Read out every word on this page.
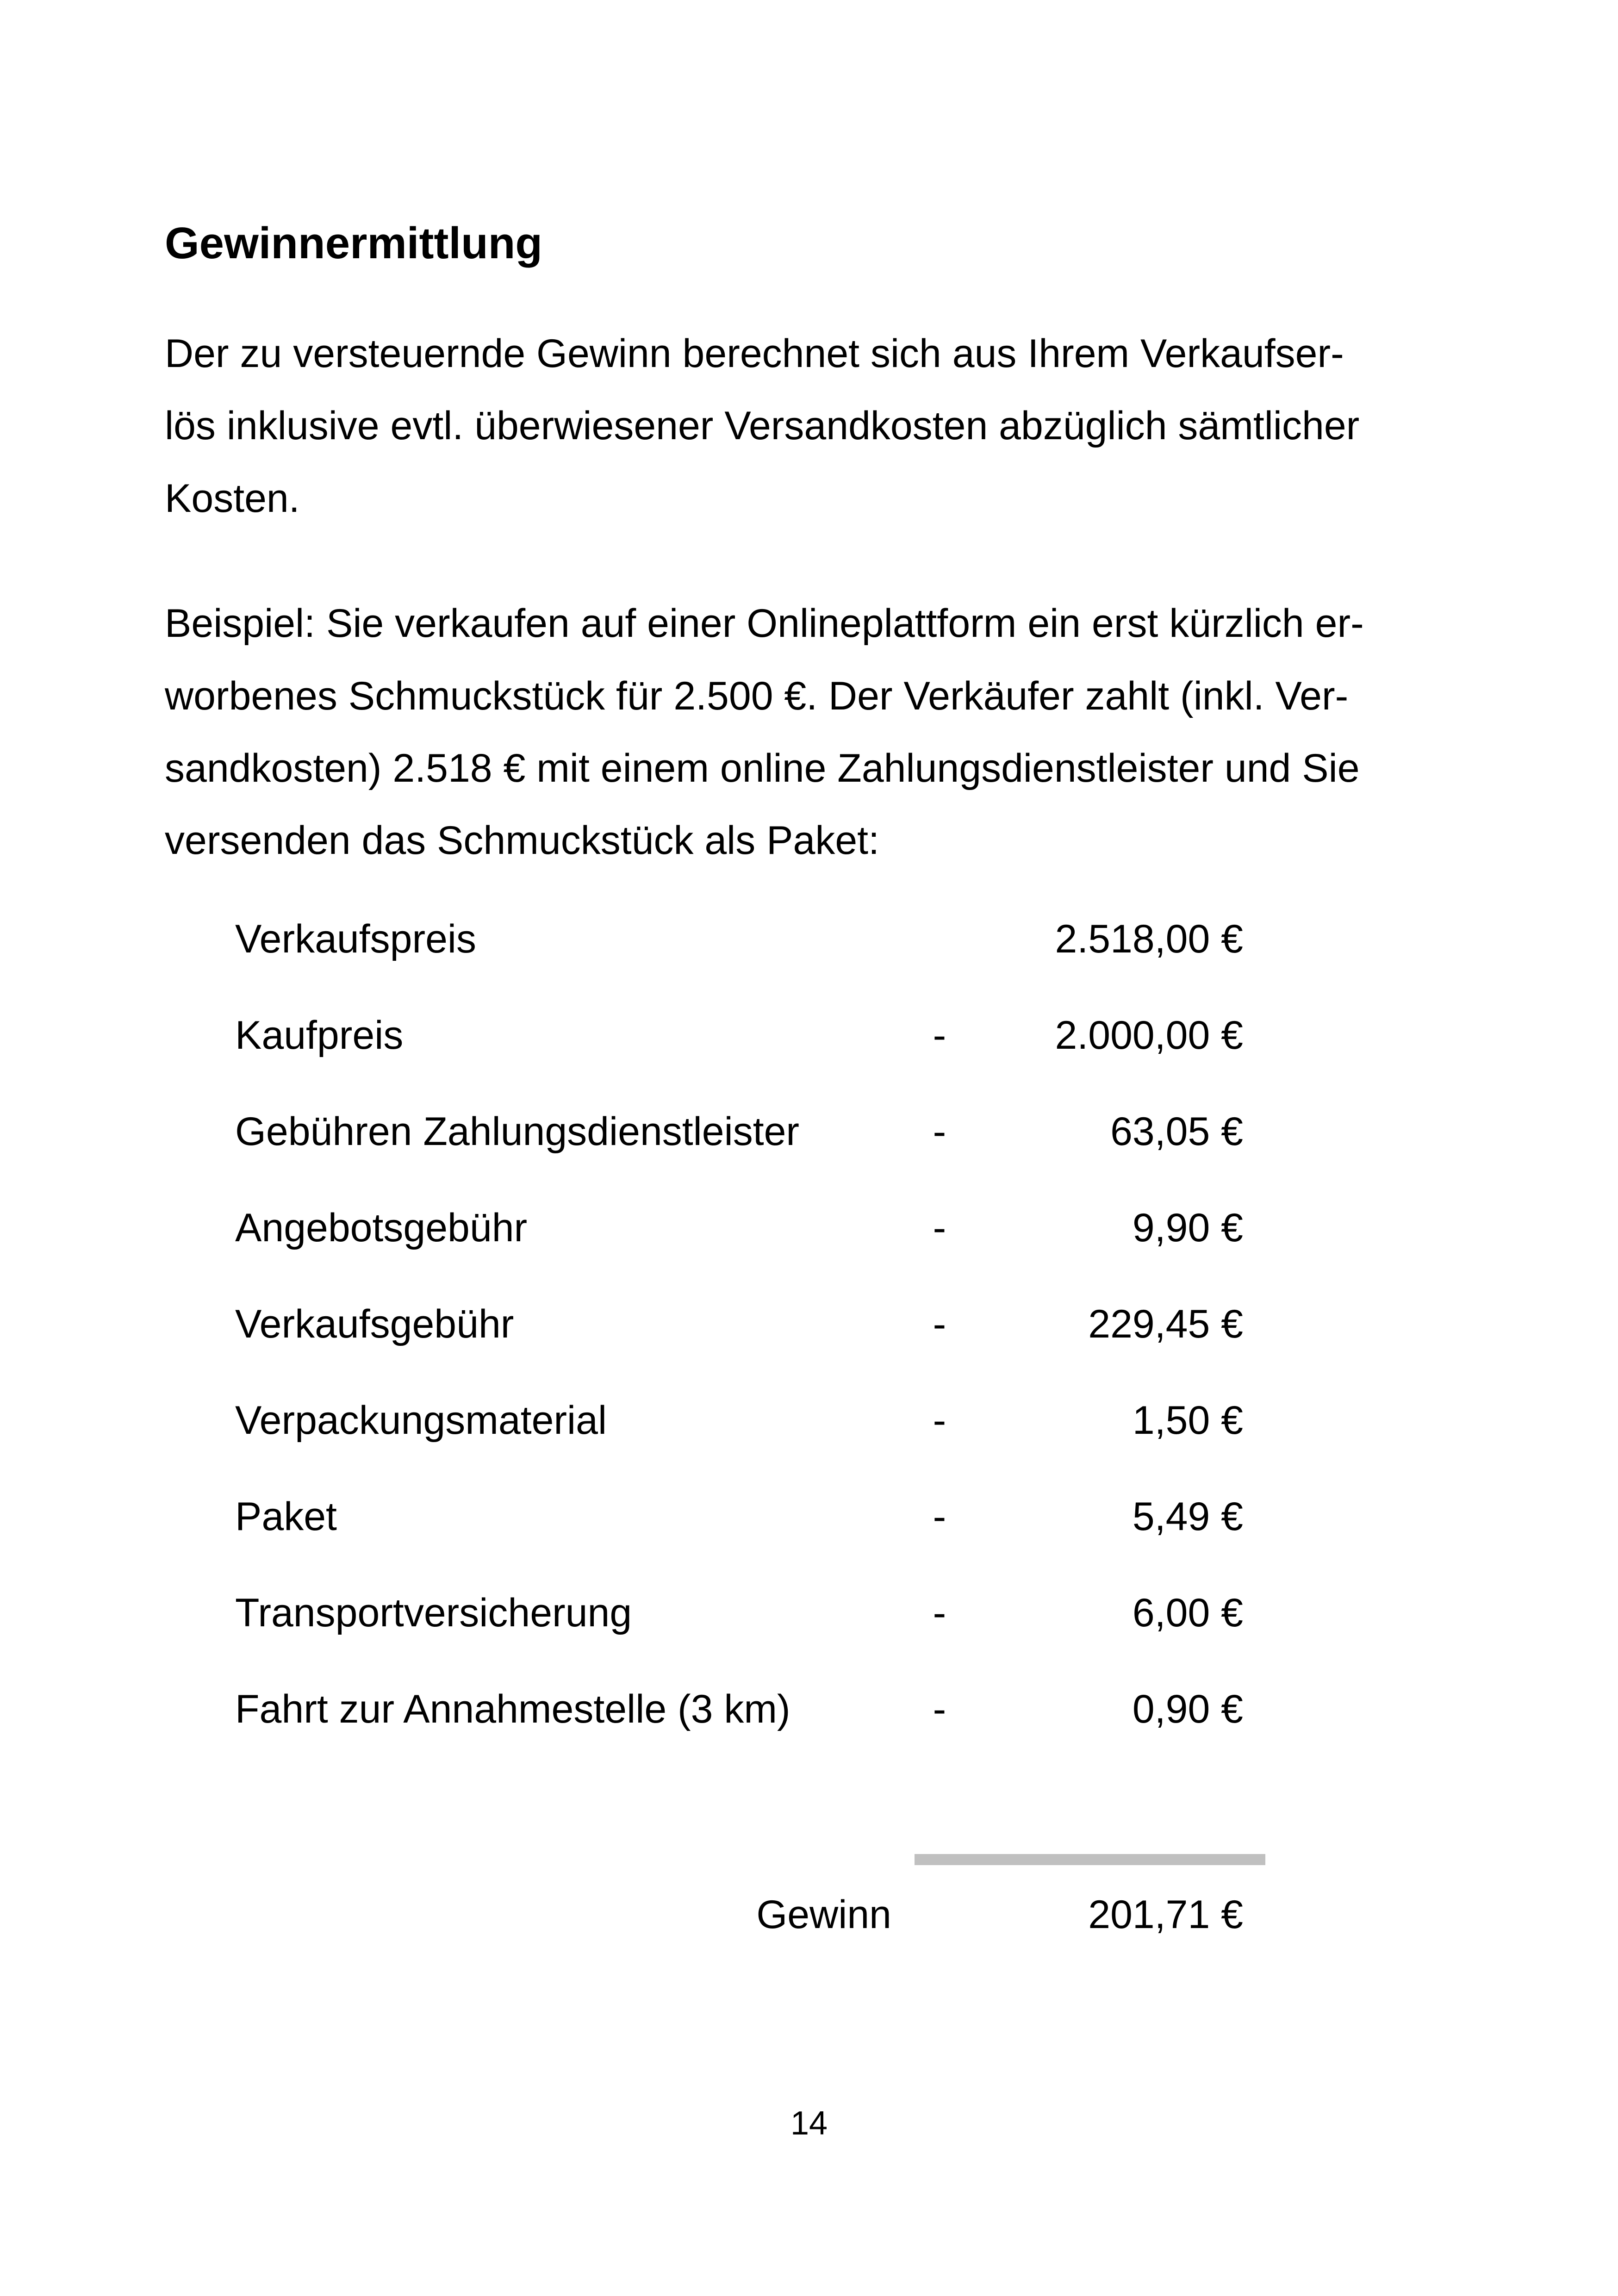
Gewinnermittlung
Der zu versteuernde Gewinn berechnet sich aus Ihrem Verkaufser-
lös inklusive evtl. überwiesener Versandkosten abzüglich sämtlicher
Kosten.
Beispiel: Sie verkaufen auf einer Onlineplattform ein erst kürzlich er-
worbenes Schmuckstück für 2.500 €. Der Verkäufer zahlt (inkl. Ver-
sandkosten) 2.518 € mit einem online Zahlungsdienstleister und Sie
versenden das Schmuckstück als Paket:
Verkaufspreis	2.518,00 €
Kaufpreis	-	2.000,00 €
Gebühren Zahlungsdienstleister	-	63,05 €
Angebotsgebühr	-	9,90 €
Verkaufsgebühr	-	229,45 €
Verpackungsmaterial	-	1,50 €
Paket	-	5,49 €
Transportversicherung	-	6,00 €
Fahrt zur Annahmestelle (3 km)	-	0,90 €
Gewinn	201,71 €
14
